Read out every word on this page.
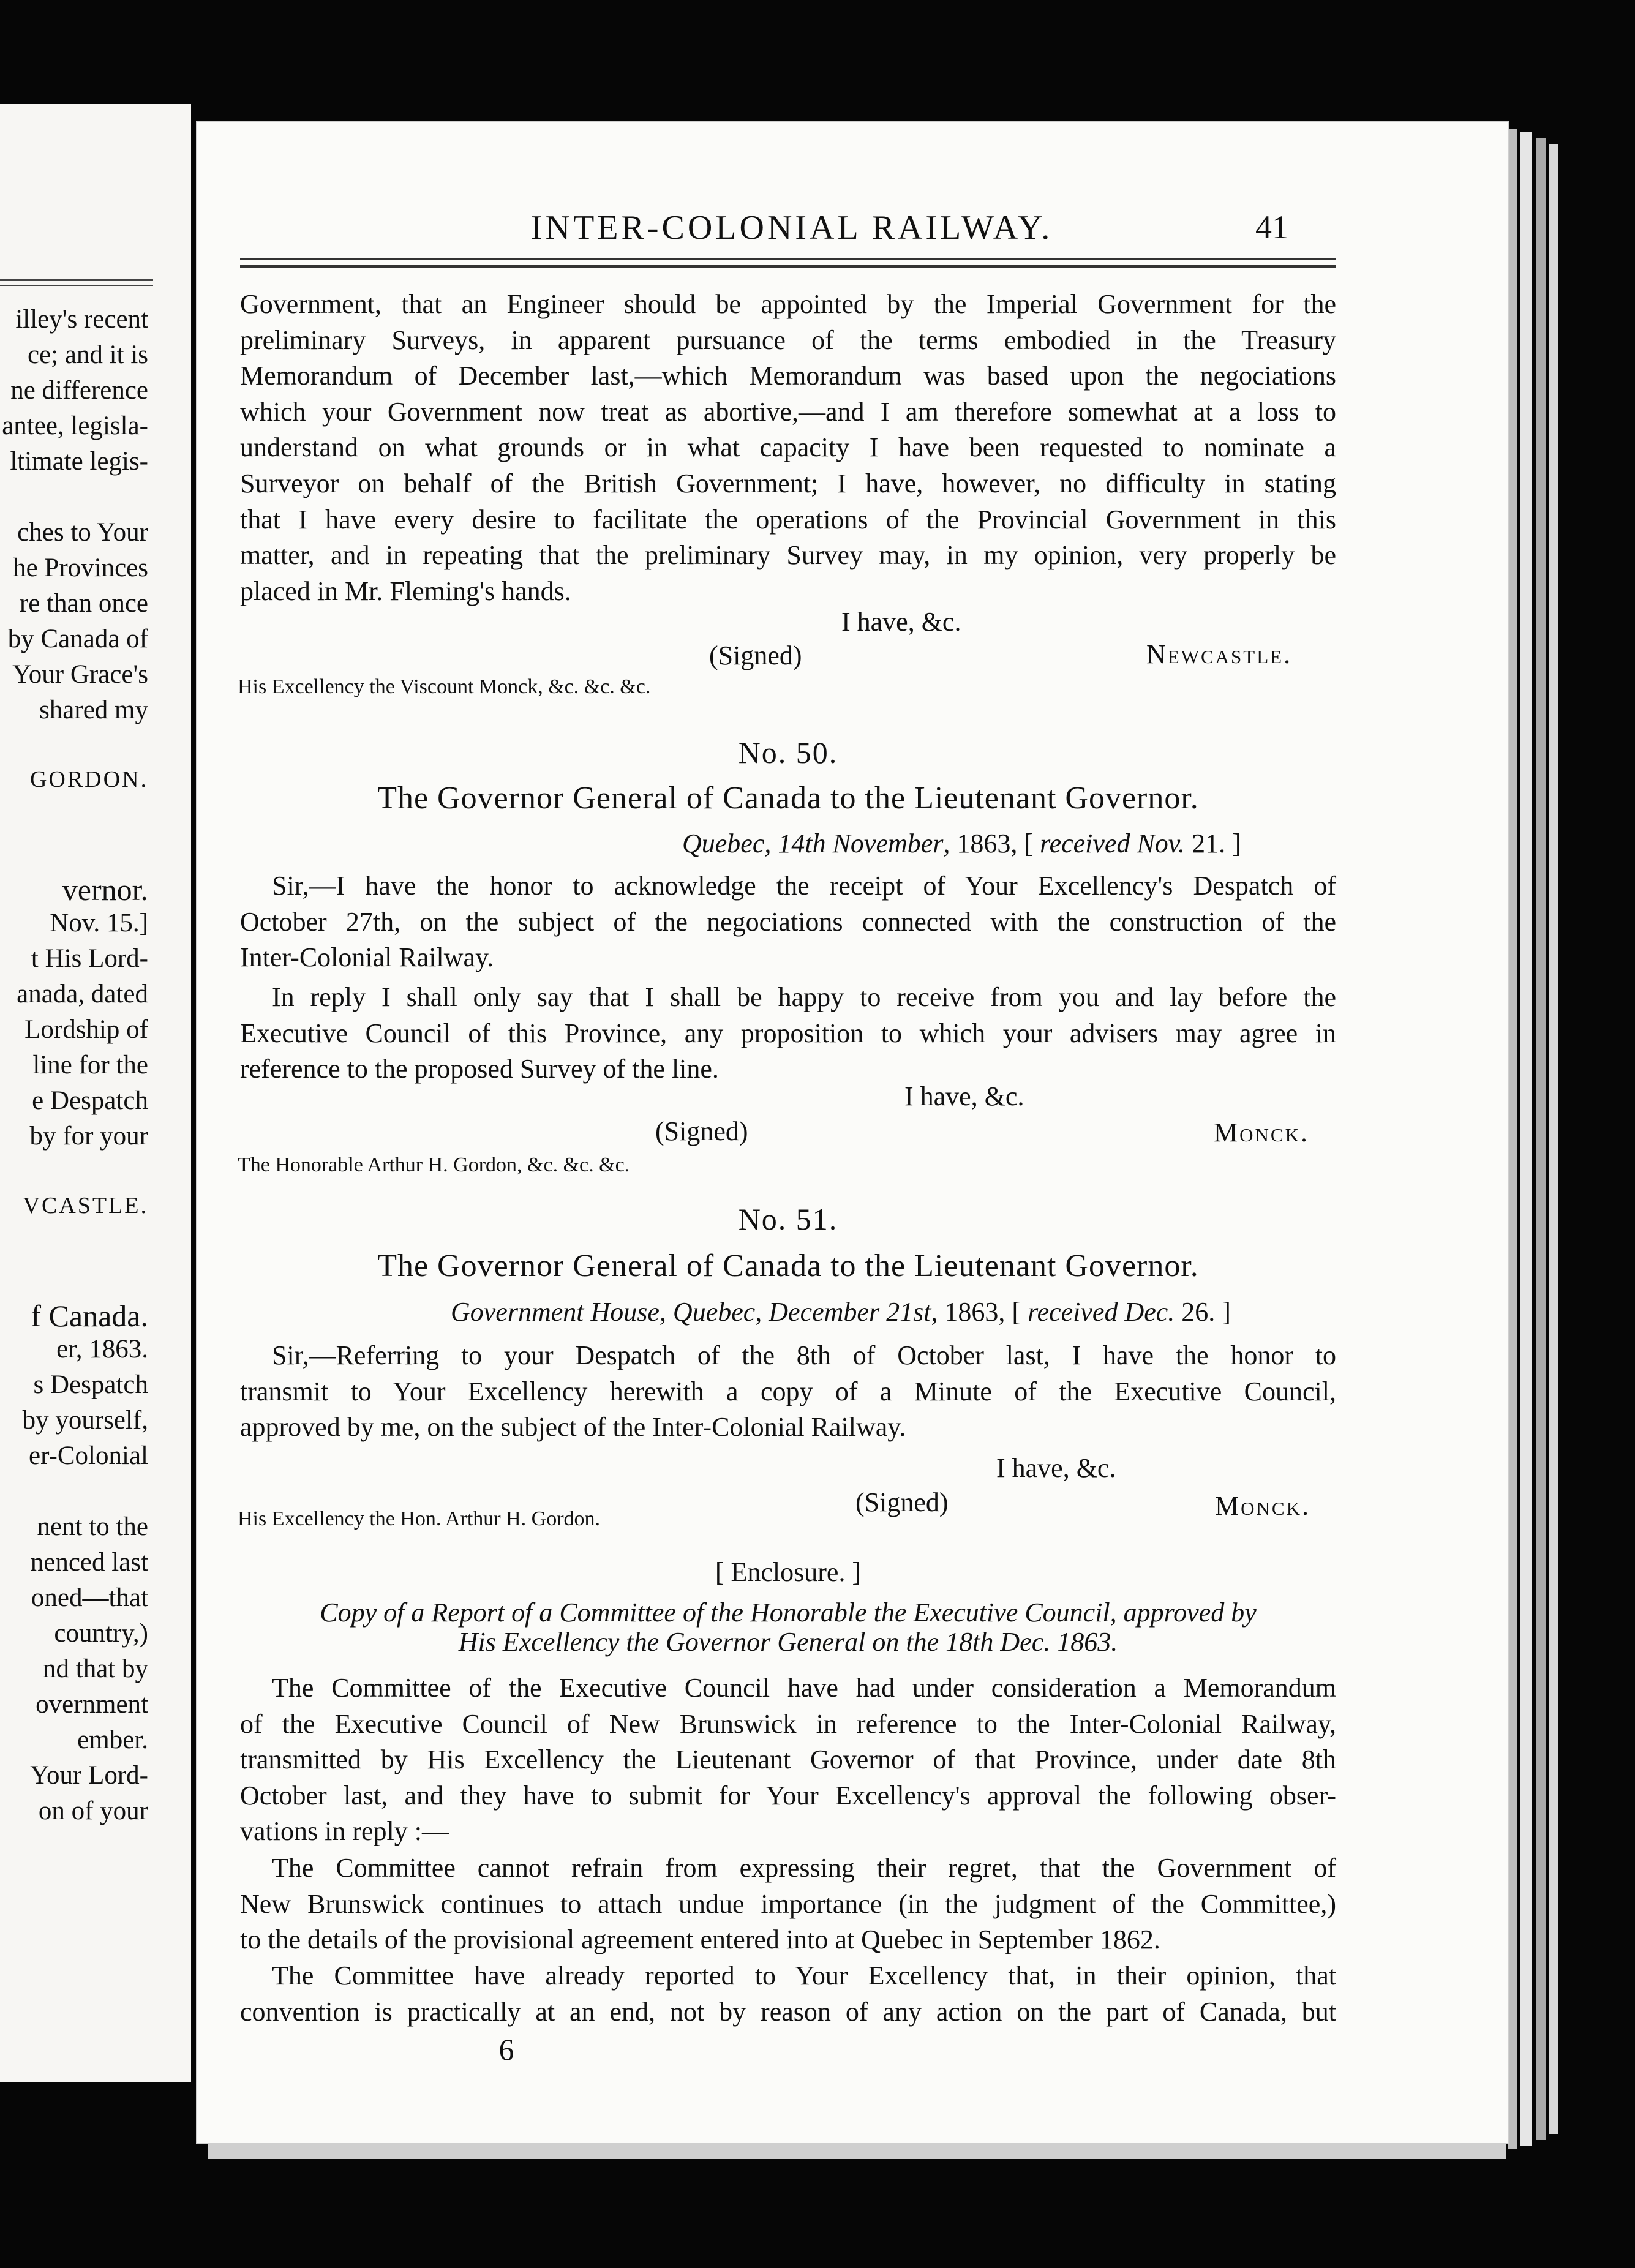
illey's recent
ce; and it is
ne difference
antee, legisla-
ltimate legis-
ches to Your
he Provinces
re than once
by Canada of
Your Grace's
shared my
GORDON.
vernor.
Nov. 15.]
t His Lord-
anada, dated
Lordship of
line for the
e Despatch
by for your
VCASTLE.
f Canada.
er, 1863.
s Despatch
by yourself,
er-Colonial
nent to the
nenced last
oned—that
country,)
nd that by
overnment
ember.
Your Lord-
on of your
INTER-COLONIAL RAILWAY.	41
Government, that an Engineer should be appointed by the Imperial Government for the
preliminary Surveys, in apparent pursuance of the terms embodied in the Treasury
Memorandum of December last,—which Memorandum was based upon the negociations
which your Government now treat as abortive,—and I am therefore somewhat at a loss to
understand on what grounds or in what capacity I have been requested to nominate a
Surveyor on behalf of the British Government; I have, however, no difficulty in stating
that I have every desire to facilitate the operations of the Provincial Government in this
matter, and in repeating that the preliminary Survey may, in my opinion, very properly be
placed in Mr. Fleming's hands.
I have, &c.
(Signed)	Newcastle.
His Excellency the Viscount Monck, &c. &c. &c.
No. 50.
The Governor General of Canada to the Lieutenant Governor.
Quebec, 14th November, 1863, [ received Nov. 21. ]
Sir,—I have the honor to acknowledge the receipt of Your Excellency's Despatch of
October 27th, on the subject of the negociations connected with the construction of the
Inter-Colonial Railway.
In reply I shall only say that I shall be happy to receive from you and lay before the
Executive Council of this Province, any proposition to which your advisers may agree in
reference to the proposed Survey of the line.
I have, &c.
(Signed)	Monck.
The Honorable Arthur H. Gordon, &c. &c. &c.
No. 51.
The Governor General of Canada to the Lieutenant Governor.
Government House, Quebec, December 21st, 1863, [ received Dec. 26. ]
Sir,—Referring to your Despatch of the 8th of October last, I have the honor to
transmit to Your Excellency herewith a copy of a Minute of the Executive Council,
approved by me, on the subject of the Inter-Colonial Railway.
I have, &c.
(Signed)	Monck.
His Excellency the Hon. Arthur H. Gordon.
[ Enclosure. ]
Copy of a Report of a Committee of the Honorable the Executive Council, approved by
His Excellency the Governor General on the 18th Dec. 1863.
The Committee of the Executive Council have had under consideration a Memorandum
of the Executive Council of New Brunswick in reference to the Inter-Colonial Railway,
transmitted by His Excellency the Lieutenant Governor of that Province, under date 8th
October last, and they have to submit for Your Excellency's approval the following obser-
vations in reply :—
The Committee cannot refrain from expressing their regret, that the Government of
New Brunswick continues to attach undue importance (in the judgment of the Committee,)
to the details of the provisional agreement entered into at Quebec in September 1862.
The Committee have already reported to Your Excellency that, in their opinion, that
convention is practically at an end, not by reason of any action on the part of Canada, but
6
